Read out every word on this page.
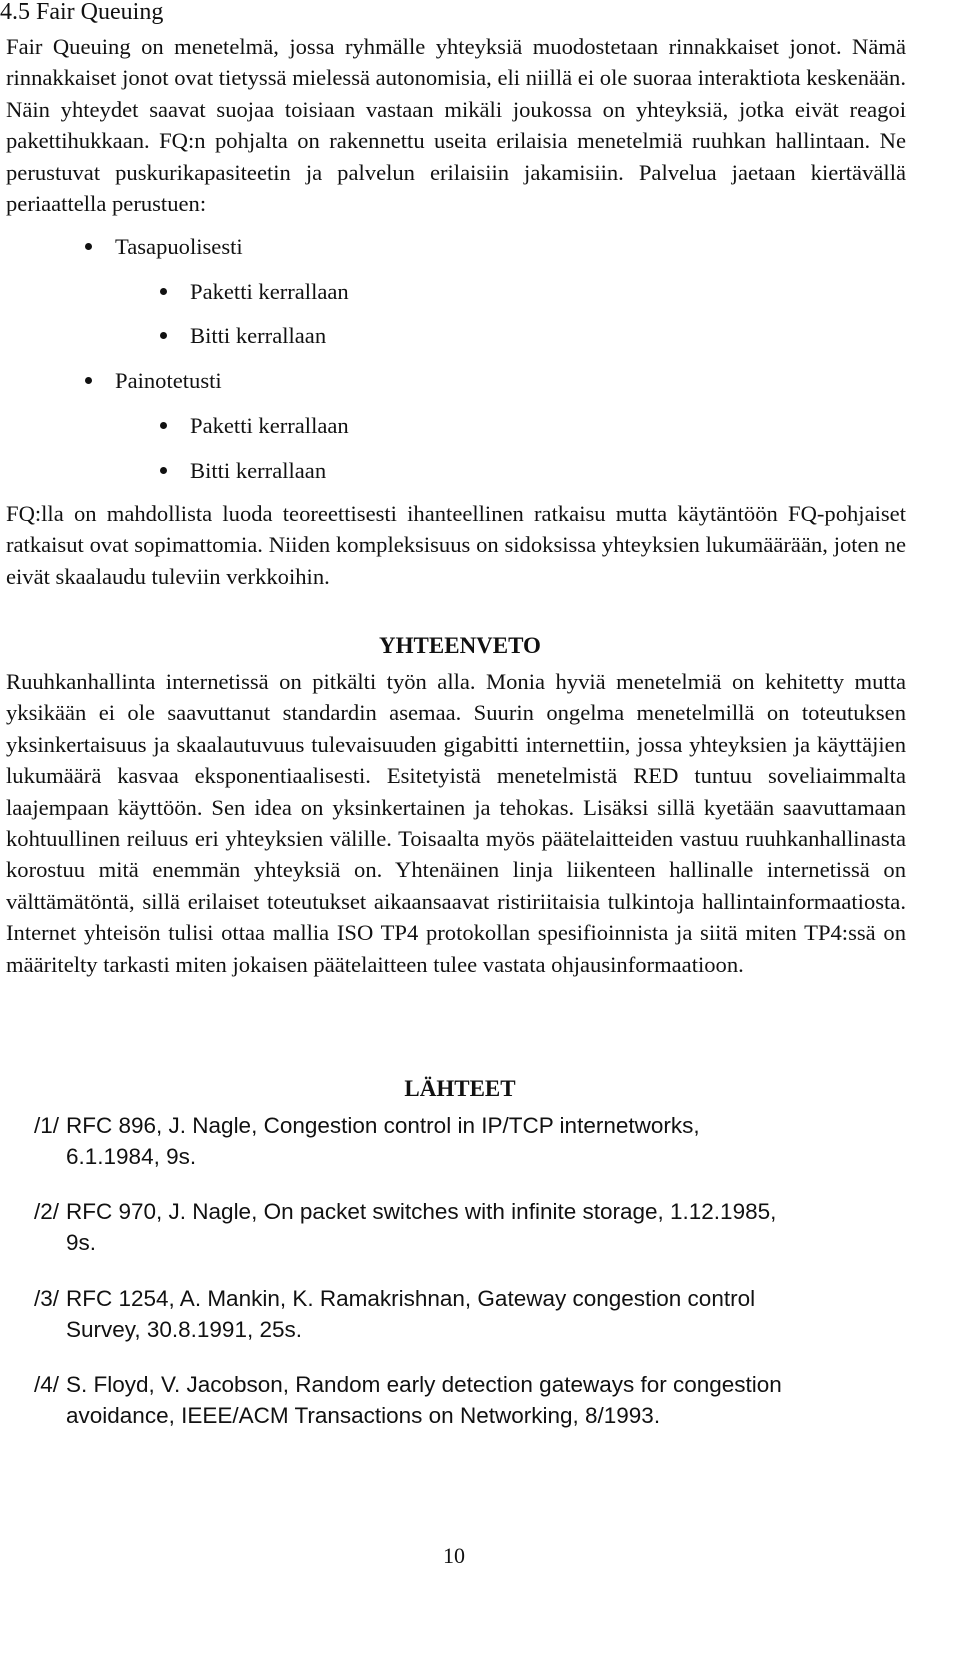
4.5 Fair Queuing
Fair Queuing on menetelmä, jossa ryhmälle yhteyksiä muodostetaan rinnakkaiset jonot. Nämä rinnakkaiset jonot ovat tietyssä mielessä autonomisia, eli niillä ei ole suoraa interaktiota keskenään. Näin yhteydet saavat suojaa toisiaan vastaan mikäli joukossa on yhteyksiä, jotka eivät reagoi pakettihukkaan. FQ:n pohjalta on rakennettu useita erilaisia menetelmiä ruuhkan hallintaan. Ne perustuvat puskurikapasiteetin ja palvelun erilaisiin jakamisiin. Palvelua jaetaan kiertävällä periaattella perustuen:
Tasapuolisesti
Paketti kerrallaan
Bitti kerrallaan
Painotetusti
Paketti kerrallaan
Bitti kerrallaan
FQ:lla on mahdollista luoda teoreettisesti ihanteellinen ratkaisu mutta käytäntöön FQ-pohjaiset ratkaisut ovat sopimattomia. Niiden kompleksisuus on sidoksissa yhteyksien lukumäärään, joten ne eivät skaalaudu tuleviin verkkoihin.
YHTEENVETO
Ruuhkanhallinta internetissä on pitkälti työn alla. Monia hyviä menetelmiä on kehitetty mutta yksikään ei ole saavuttanut standardin asemaa. Suurin ongelma menetelmillä on toteutuksen yksinkertaisuus ja skaalautuvuus tulevaisuuden gigabitti internettiin, jossa yhteyksien ja käyttäjien lukumäärä kasvaa eksponentiaalisesti. Esitetyistä menetelmistä RED tuntuu soveliaimmalta laajempaan käyttöön. Sen idea on yksinkertainen ja tehokas. Lisäksi sillä kyetään saavuttamaan kohtuullinen reiluus eri yhteyksien välille. Toisaalta myös päätelaitteiden vastuu ruuhkanhallinasta korostuu mitä enemmän yhteyksiä on. Yhtenäinen linja liikenteen hallinalle internetissä on välttämätöntä, sillä erilaiset toteutukset aikaansaavat ristiriitaisia tulkintoja hallintainformaatiosta. Internet yhteisön tulisi ottaa mallia ISO TP4 protokollan spesifioinnista ja siitä miten TP4:ssä on määritelty tarkasti miten jokaisen päätelaitteen tulee vastata ohjausinformaatioon.
LÄHTEET
/1/ RFC 896, J. Nagle, Congestion control in IP/TCP internetworks,
6.1.1984, 9s.
/2/ RFC 970, J. Nagle, On packet switches with infinite storage, 1.12.1985,
9s.
/3/ RFC 1254, A. Mankin, K. Ramakrishnan, Gateway congestion control
Survey, 30.8.1991, 25s.
/4/ S. Floyd, V. Jacobson, Random early detection gateways for congestion
avoidance, IEEE/ACM Transactions on Networking, 8/1993.
10
